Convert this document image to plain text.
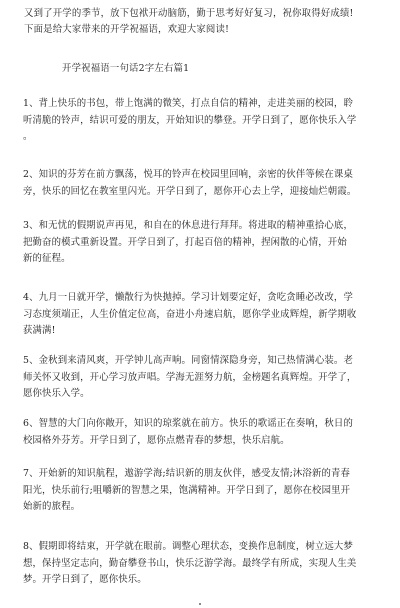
又到了开学的季节，放下包袱开动脑筋，勤于思考好好复习，祝你取得好成绩!

下面是给大家带来的开学祝福语，欢迎大家阅读!

开学祝福语一句话2字左右篇1

1、背上快乐的书包，带上饱满的微笑，打点自信的精神，走进美丽的校园，聆

听清脆的铃声，结识可爱的朋友，开始知识的攀登。开学日到了，愿你快乐入学

。

2、知识的芬芳在前方飘荡，悦耳的铃声在校园里回响，亲密的伙伴等候在课桌

旁，快乐的回忆在教室里闪光。开学日到了，愿你开心去上学，迎接灿烂朝霞。

3、和无忧的假期说声再见，和自在的休息进行拜拜。将进取的精神重拾心底，

把勤奋的模式重新设置。开学日到了，打起百倍的精神，捏闲散的心情，开始

新的征程。

4、九月一日就开学，懒散行为快抛掉。学习计划要定好，贪吃贪睡必改改，学

习态度须端正，人生价值定位高，奋进小舟速启航，愿你学业成辉煌，新学期收

获满满!

5、金秋到来清风爽，开学钟儿高声响。同窗情深隐身旁，知己热情满心装。老

师关怀又收到，开心学习放声唱。学海无涯努力航，金榜题名真辉煌。开学了，

愿你快乐入学。

6、智慧的大门向你敞开，知识的琼浆就在前方。快乐的歌谣正在奏响，秋日的

校园格外芬芳。开学日到了，愿你点燃青春的梦想，快乐启航。

7、开始新的知识航程，遨游学海;结识新的朋友伙伴，感受友情;沐浴新的青春

阳光，快乐前行;咀嚼新的智慧之果，饱满精神。开学日到了，愿你在校园里开

始新的旅程。

8、假期即将结束，开学就在眼前。调整心理状态，变换作息制度，树立远大梦

想，保持坚定志向，勤奋攀登书山，快乐泛游学海。最终学有所成，实现人生美

梦。开学日到了，愿你快乐。
